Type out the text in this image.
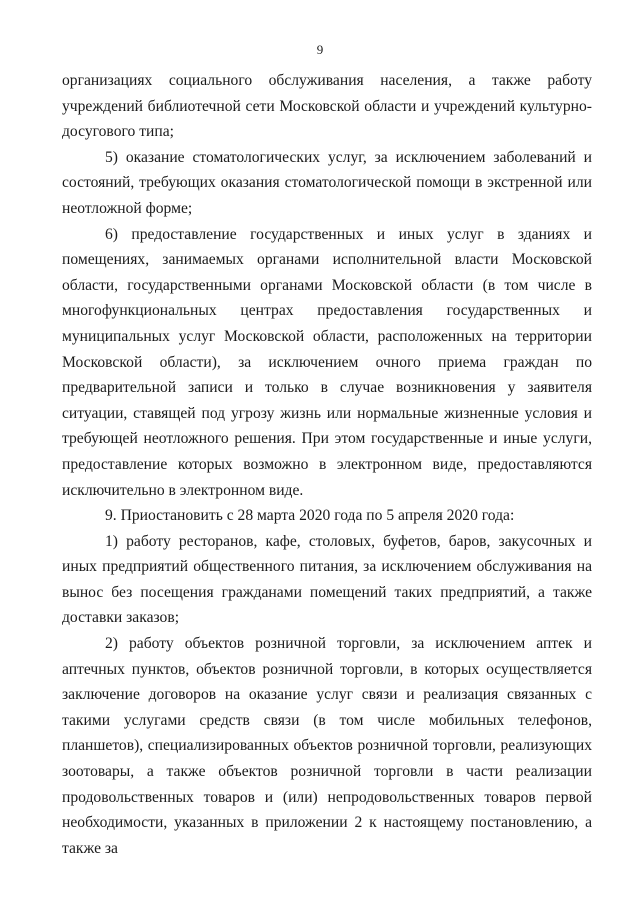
9

организациях социального обслуживания населения, а также работу учреждений библиотечной сети Московской области и учреждений культурно-досугового типа;

5) оказание стоматологических услуг, за исключением заболеваний и состояний, требующих оказания стоматологической помощи в экстренной или неотложной форме;

6) предоставление государственных и иных услуг в зданиях и помещениях, занимаемых органами исполнительной власти Московской области, государственными органами Московской области (в том числе в многофункциональных центрах предоставления государственных и муниципальных услуг Московской области, расположенных на территории Московской области), за исключением очного приема граждан по предварительной записи и только в случае возникновения у заявителя ситуации, ставящей под угрозу жизнь или нормальные жизненные условия и требующей неотложного решения. При этом государственные и иные услуги, предоставление которых возможно в электронном виде, предоставляются исключительно в электронном виде.

9. Приостановить с 28 марта 2020 года по 5 апреля 2020 года:

1) работу ресторанов, кафе, столовых, буфетов, баров, закусочных и иных предприятий общественного питания, за исключением обслуживания на вынос без посещения гражданами помещений таких предприятий, а также доставки заказов;

2) работу объектов розничной торговли, за исключением аптек и аптечных пунктов, объектов розничной торговли, в которых осуществляется заключение договоров на оказание услуг связи и реализация связанных с такими услугами средств связи (в том числе мобильных телефонов, планшетов), специализированных объектов розничной торговли, реализующих зоотовары, а также объектов розничной торговли в части реализации продовольственных товаров и (или) непродовольственных товаров первой необходимости, указанных в приложении 2 к настоящему постановлению, а также за
